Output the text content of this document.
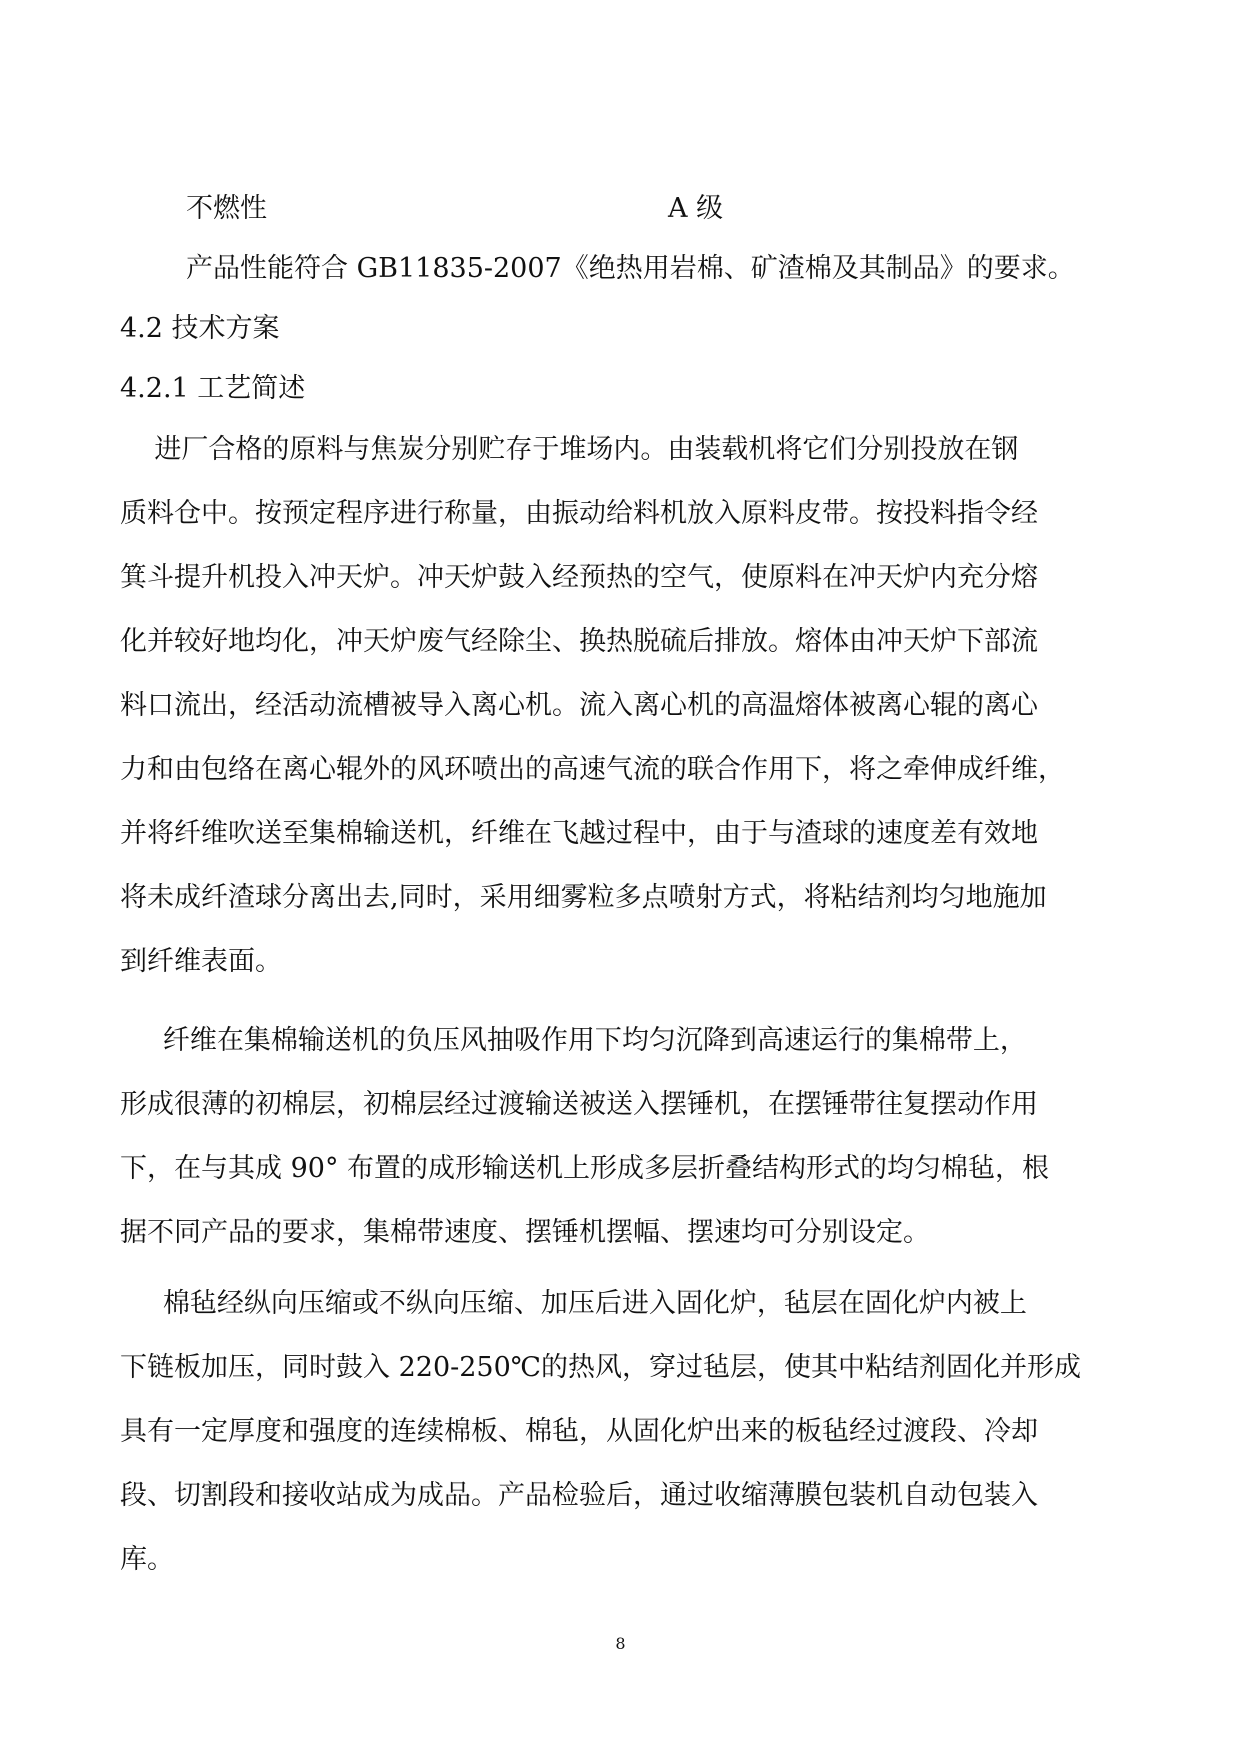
不燃性	A 级

产品性能符合 GB11835-2007《绝热用岩棉、矿渣棉及其制品》的要求。

4.2 技术方案

4.2.1 工艺简述

进厂合格的原料与焦炭分别贮存于堆场内。由装载机将它们分别投放在钢
质料仓中。按预定程序进行称量，由振动给料机放入原料皮带。按投料指令经
箕斗提升机投入冲天炉。冲天炉鼓入经预热的空气，使原料在冲天炉内充分熔
化并较好地均化，冲天炉废气经除尘、换热脱硫后排放。熔体由冲天炉下部流
料口流出，经活动流槽被导入离心机。流入离心机的高温熔体被离心辊的离心
力和由包络在离心辊外的风环喷出的高速气流的联合作用下，将之牵伸成纤维，
并将纤维吹送至集棉输送机，纤维在飞越过程中，由于与渣球的速度差有效地
将未成纤渣球分离出去,同时，采用细雾粒多点喷射方式，将粘结剂均匀地施加
到纤维表面。
纤维在集棉输送机的负压风抽吸作用下均匀沉降到高速运行的集棉带上，
形成很薄的初棉层，初棉层经过渡输送被送入摆锤机，在摆锤带往复摆动作用
下，在与其成 90° 布置的成形输送机上形成多层折叠结构形式的均匀棉毡，根
据不同产品的要求，集棉带速度、摆锤机摆幅、摆速均可分别设定。
棉毡经纵向压缩或不纵向压缩、加压后进入固化炉，毡层在固化炉内被上
下链板加压，同时鼓入 220-250℃的热风，穿过毡层，使其中粘结剂固化并形成
具有一定厚度和强度的连续棉板、棉毡，从固化炉出来的板毡经过渡段、冷却
段、切割段和接收站成为成品。产品检验后，通过收缩薄膜包装机自动包装入
库。
8
